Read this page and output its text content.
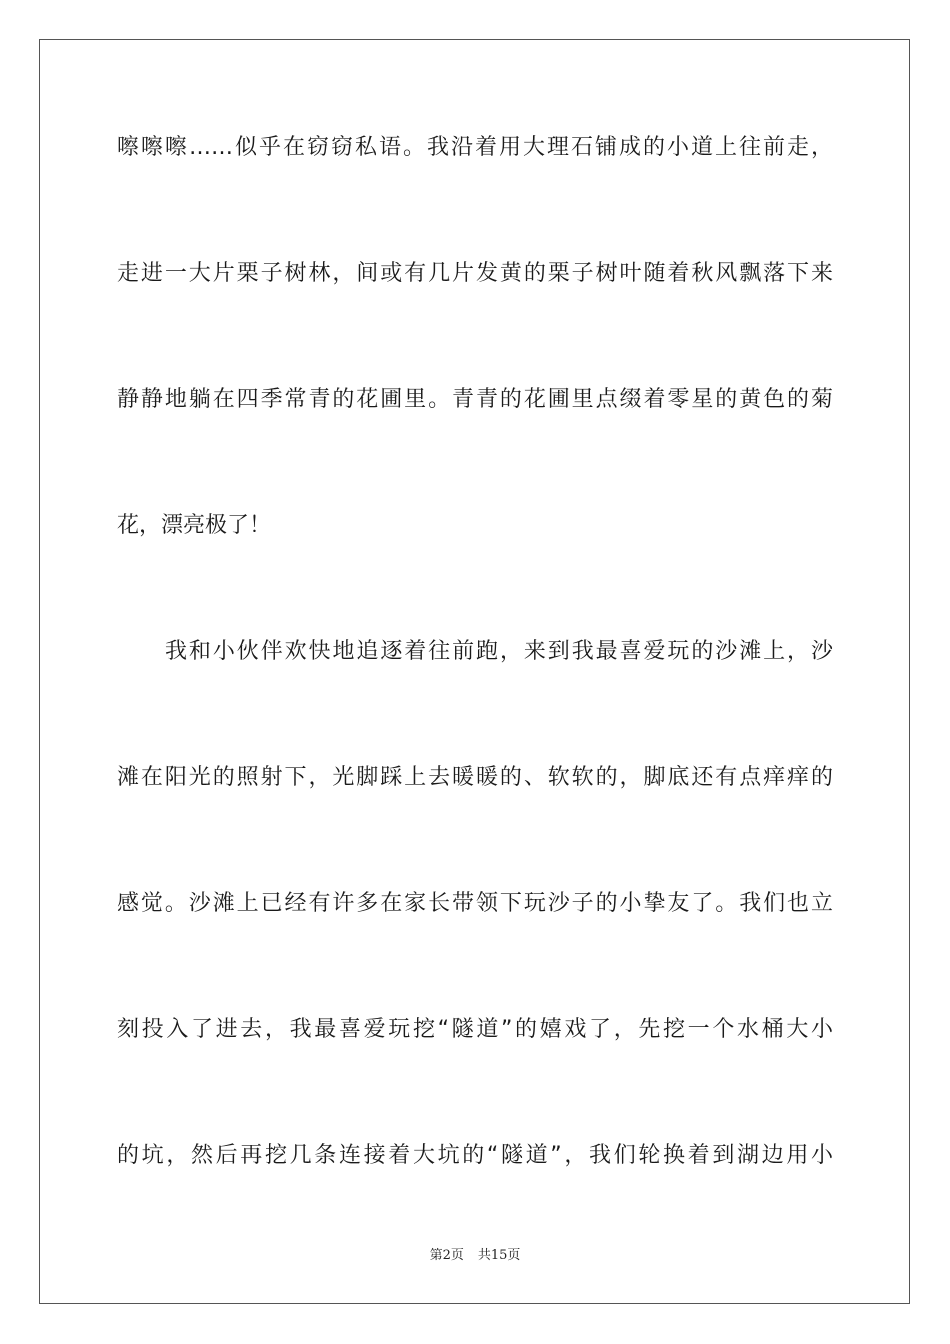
嚓嚓嚓……似乎在窃窃私语。我沿着用大理石铺成的小道上往前走，
走进一大片栗子树林，间或有几片发黄的栗子树叶随着秋风飘落下来
静静地躺在四季常青的花圃里。青青的花圃里点缀着零星的黄色的菊
花，漂亮极了！
我和小伙伴欢快地追逐着往前跑，来到我最喜爱玩的沙滩上，沙
滩在阳光的照射下，光脚踩上去暖暖的、软软的，脚底还有点痒痒的
感觉。沙滩上已经有许多在家长带领下玩沙子的小挚友了。我们也立
刻投入了进去，我最喜爱玩挖“隧道”的嬉戏了，先挖一个水桶大小
的坑，然后再挖几条连接着大坑的“隧道”，我们轮换着到湖边用小
第2页 共15页
